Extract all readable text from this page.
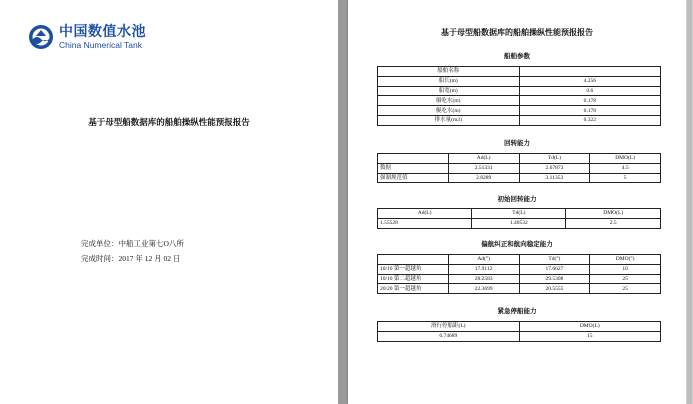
中国数值水池
China Numerical Tank
基于母型船数据库的船舶操纵性能预报报告
完成单位：中船工业第七O八所
完成时间：2017 年 12 月 02 日
基于母型船数据库的船舶操纵性能预报报告
船舶参数
船舶名称	
船长(m)	4.256
船宽(m)	0.6
艏吃水(m)	0.178
艉吃水(m)	0.178
排水量(m3)	0.322
回转能力
	Ad(L)	Td(L)	DMO(L)
数据	2.51331	2.67873	4.5
强制规范值	2.8289	3.11353	5
初始回转能力
Ad(L)	Td(L)	DMO(L)
1.55528	1.40532	2.5
偏航纠正和航向稳定能力
	Ad(°)	Td(°)	DMO(°)
10/10 第一超越角	17.9112	17.6627	10
10/10 第二超越角	28.2583	29.5308	25
20/20 第一超越角	22.3699	20.5555	25
紧急停船能力
滑行停船距(L)	DMO(L)
6.74689	15
